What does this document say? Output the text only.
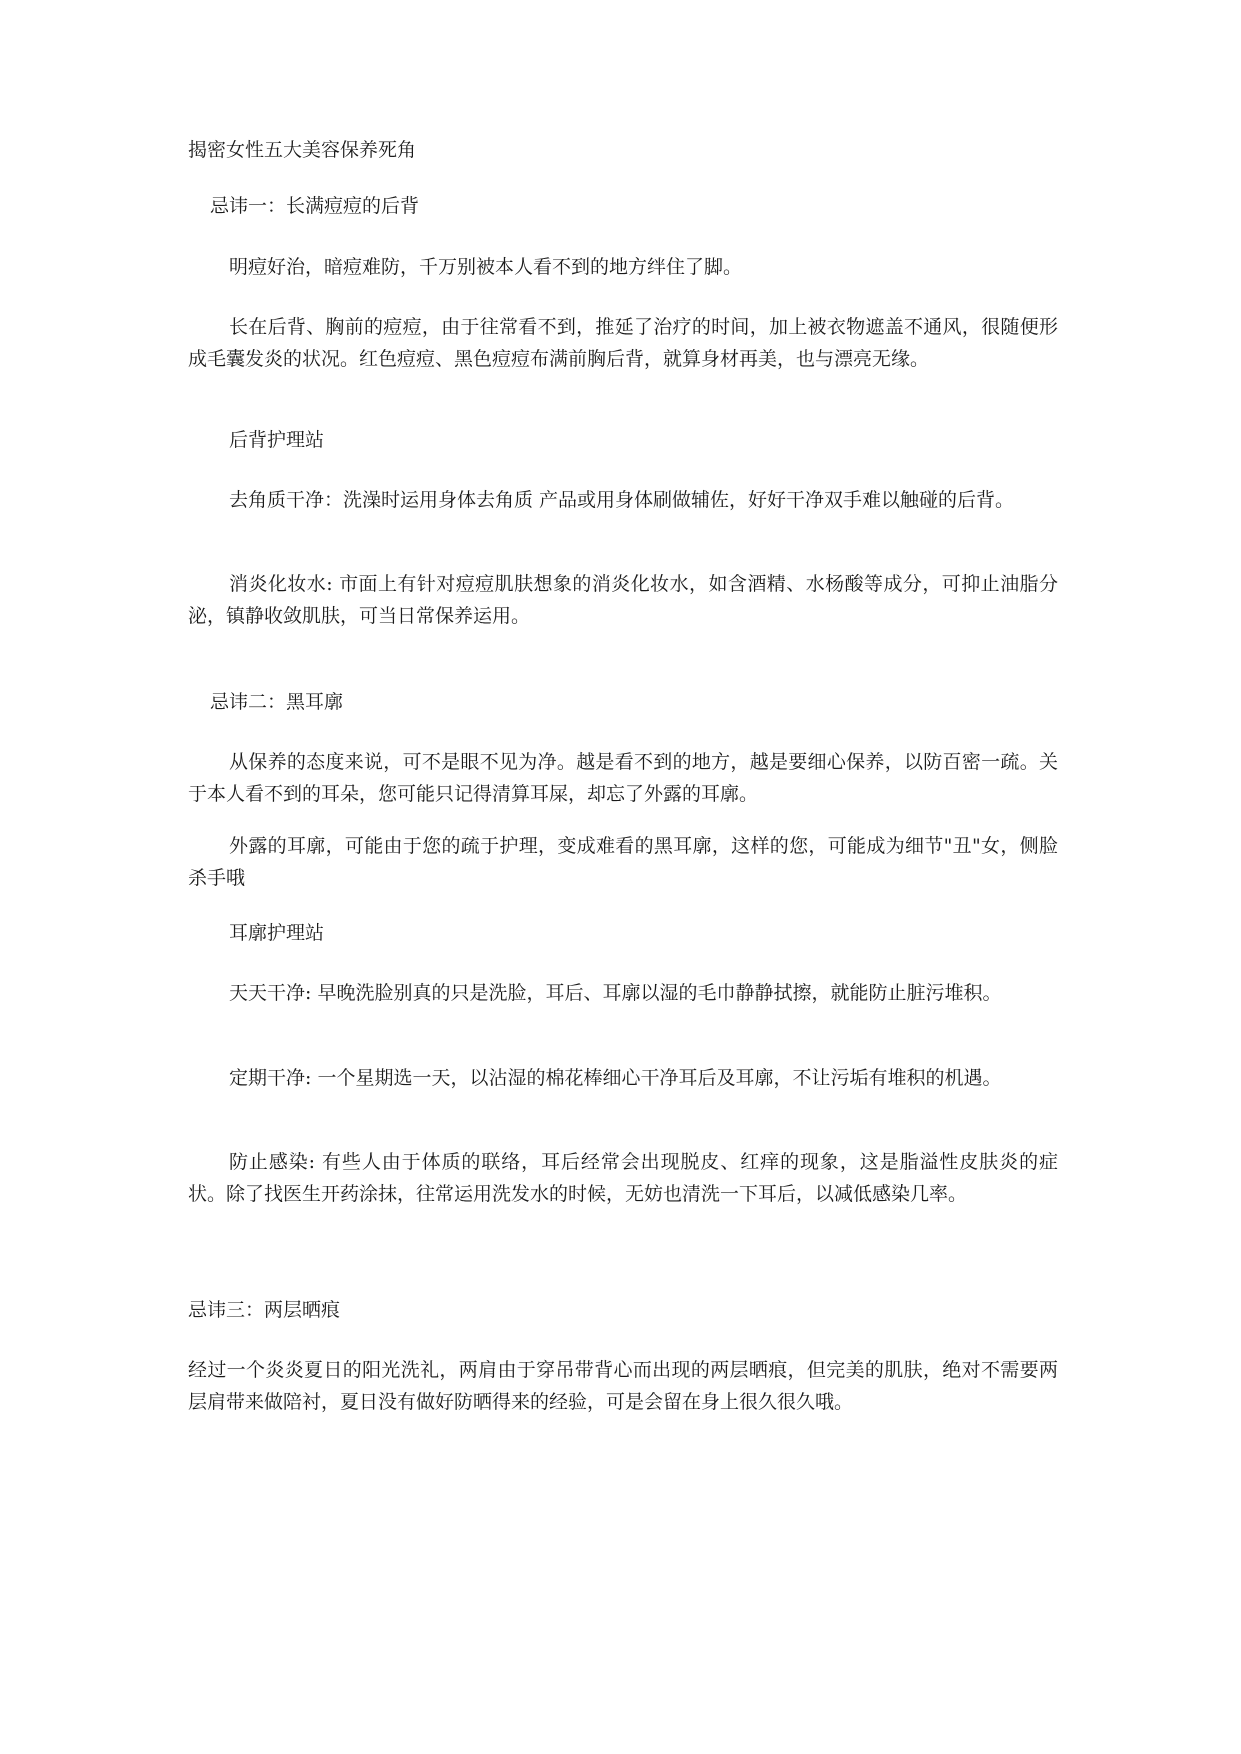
揭密女性五大美容保养死角

忌讳一：长满痘痘的后背

明痘好治，暗痘难防，千万别被本人看不到的地方绊住了脚。

长在后背、胸前的痘痘，由于往常看不到，推延了治疗的时间，加上被衣物遮盖不通风，很随便形成毛囊发炎的状况。红色痘痘、黑色痘痘布满前胸后背，就算身材再美，也与漂亮无缘。

后背护理站

去角质干净：洗澡时运用身体去角质 产品或用身体刷做辅佐，好好干净双手难以触碰的后背。

消炎化妆水: 市面上有针对痘痘肌肤想象的消炎化妆水，如含酒精、水杨酸等成分，可抑止油脂分泌，镇静收敛肌肤，可当日常保养运用。

忌讳二：黑耳廓

从保养的态度来说，可不是眼不见为净。越是看不到的地方，越是要细心保养，以防百密一疏。关于本人看不到的耳朵，您可能只记得清算耳屎，却忘了外露的耳廓。

外露的耳廓，可能由于您的疏于护理，变成难看的黑耳廓，这样的您，可能成为细节"丑"女，侧脸杀手哦

耳廓护理站

天天干净: 早晚洗脸别真的只是洗脸，耳后、耳廓以湿的毛巾静静拭擦，就能防止脏污堆积。

定期干净: 一个星期选一天，以沾湿的棉花棒细心干净耳后及耳廓，不让污垢有堆积的机遇。

防止感染: 有些人由于体质的联络，耳后经常会出现脱皮、红痒的现象，这是脂溢性皮肤炎的症状。除了找医生开药涂抹，往常运用洗发水的时候，无妨也清洗一下耳后，以减低感染几率。

忌讳三：两层晒痕

经过一个炎炎夏日的阳光洗礼，两肩由于穿吊带背心而出现的两层晒痕，但完美的肌肤，绝对不需要两层肩带来做陪衬，夏日没有做好防晒得来的经验，可是会留在身上很久很久哦。
